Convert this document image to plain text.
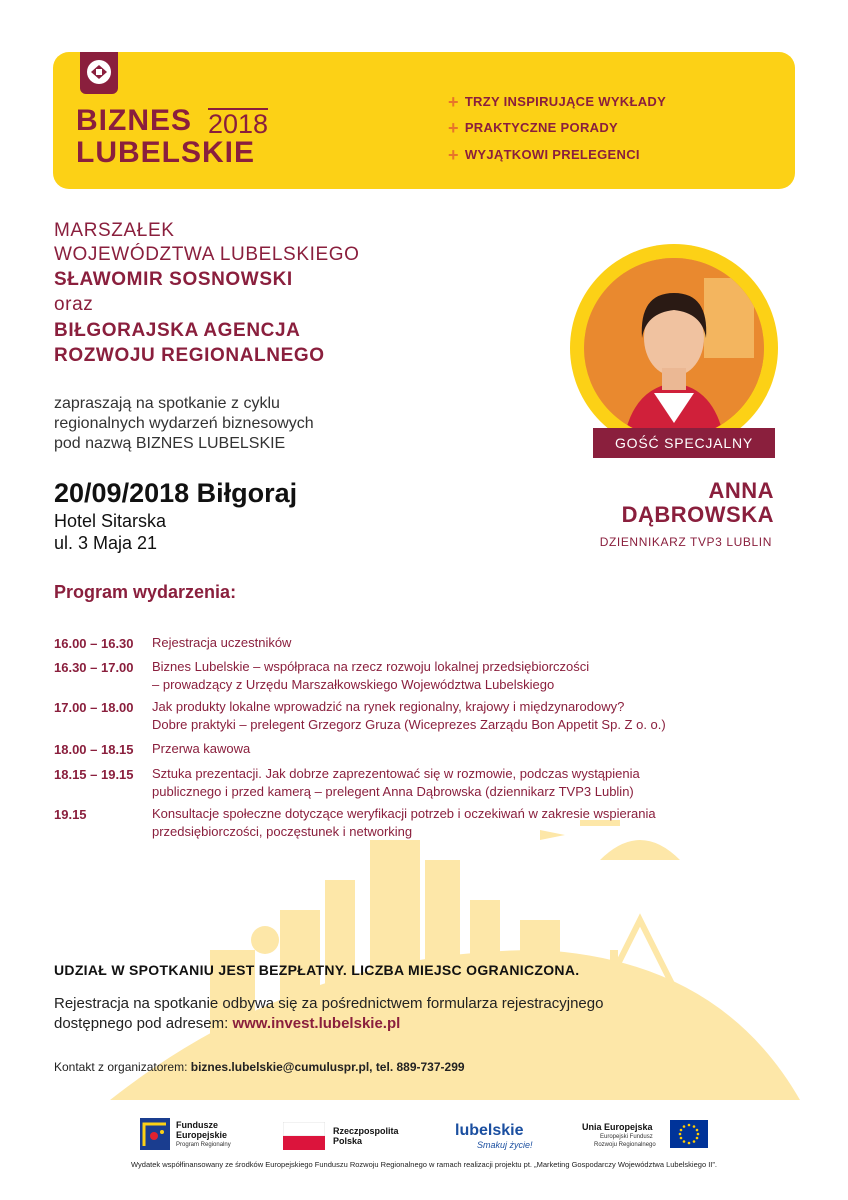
BIZNES 2018
LUBELSKIE
+ TRZY INSPIRUJĄCE WYKŁADY
+ PRAKTYCZNE PORADY
+ WYJĄTKOWI PRELEGENCI
MARSZAŁEK
WOJEWÓDZTWA LUBELSKIEGO
SŁAWOMIR SOSNOWSKI
oraz
BIŁGORAJSKA AGENCJA
ROZWOJU REGIONALNEGO
zapraszają na spotkanie z cyklu
regionalnych wydarzeń biznesowych
pod nazwą BIZNES LUBELSKIE	GOŚĆ SPECJALNY
ANNA
DĄBROWSKA
DZIENNIKARZ TVP3 LUBLIN
20/09/2018 Biłgoraj
Hotel Sitarska
ul. 3 Maja 21
Program wydarzenia:
16.00 – 16.30 Rejestracja uczestników
16.30 – 17.00 Biznes Lubelskie – współpraca na rzecz rozwoju lokalnej przedsiębiorczości
– prowadzący z Urzędu Marszałkowskiego Województwa Lubelskiego
17.00 – 18.00 Jak produkty lokalne wprowadzić na rynek regionalny, krajowy i międzynarodowy?
Dobre praktyki – prelegent Grzegorz Gruza (Wiceprezes Zarządu Bon Appetit Sp. Z o. o.)
18.00 – 18.15 Przerwa kawowa
18.15 – 19.15 Sztuka prezentacji. Jak dobrze zaprezentować się w rozmowie, podczas wystąpienia
publicznego i przed kamerą – prelegent Anna Dąbrowska (dziennikarz TVP3 Lublin)
19.15	Konsultacje społeczne dotyczące weryfikacji potrzeb i oczekiwań w zakresie wspierania
przedsiębiorczości, poczęstunek i networking
UDZIAŁ W SPOTKANIU JEST BEZPŁATNY. LICZBA MIEJSC OGRANICZONA.
Rejestracja na spotkanie odbywa się za pośrednictwem formularza rejestracyjnego
dostępnego pod adresem: www.invest.lubelskie.pl
Kontakt z organizatorem: biznes.lubelskie@cumuluspr.pl, tel. 889-737-299
Fundusze
Europejskie
Program Regionalny
Rzeczpospolita
Polska
lubelskie
Smakuj życie!
Unia Europejska
Europejski Fundusz
Rozwoju Regionalnego
Wydatek współfinansowany ze środków Europejskiego Funduszu Rozwoju Regionalnego w ramach realizacji projektu pt. „Marketing Gospodarczy Województwa Lubelskiego II”.
